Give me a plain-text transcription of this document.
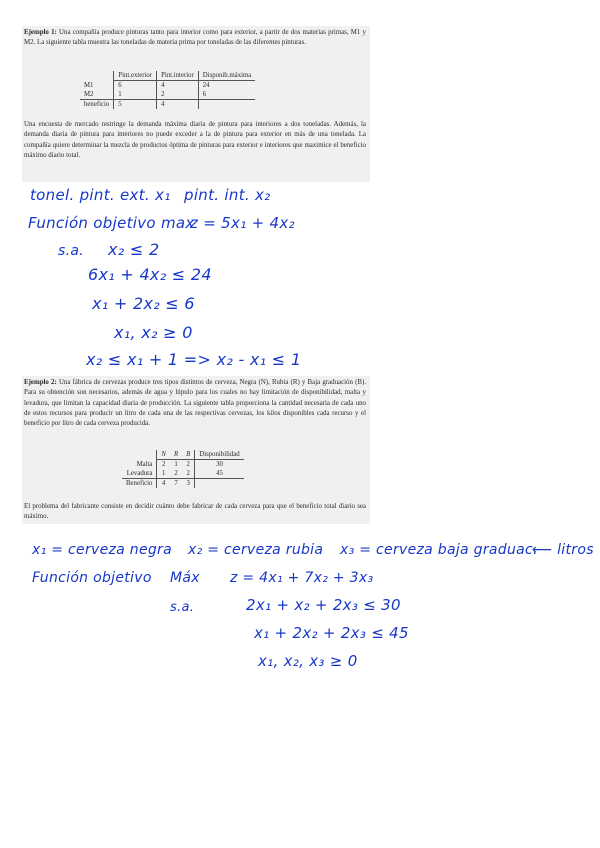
Ejemplo 1: Una compañía produce pinturas tanto para interior como para exterior, a partir de dos materias primas, M1 y M2. La siguiente tabla muestra las toneladas de materia prima por toneladas de las diferentes pinturas.
	Pint.exterior	Pint.interior	Disponib.máxima
M1	6	4	24
M2	1	2	6
beneficio	5	4	
Una encuesta de mercado restringe la demanda máxima diaria de pintura para interiores a dos toneladas. Además, la demanda diaria de pintura para interiores no puede exceder a la de pintura para exterior en más de una tonelada. La compañía quiere determinar la mezcla de productos óptima de pinturas para exterior e interiores que maximice el beneficio máximo diario total.
tonel. pint. ext. x₁ pint. int. x₂
Función objetivo max
z = 5x₁ + 4x₂
s.a. x₂ ≤ 2
6x₁ + 4x₂ ≤ 24
x₁ + 2x₂ ≤ 6
x₁, x₂ ≥ 0
x₂ ≤ x₁ + 1 => x₂ - x₁ ≤ 1
Ejemplo 2: Una fábrica de cervezas produce tres tipos distintos de cerveza, Negra (N), Rubia (R) y Baja graduación (B). Para su obtención son necesarios, además de agua y lúpulo para los cuales no hay limitación de disponibilidad, malta y levadura, que limitan la capacidad diaria de producción. La siguiente tabla proporciona la cantidad necesaria de cada uno de estos recursos para producir un litro de cada una de las respectivas cervezas, los kilos disponibles cada recurso y el beneficio por litro de cada cerveza producida.
	N	R	B	Disponibilidad
Malta	2	1	2	30
Levadura	1	2	2	45
Beneficio	4	7	3	
El problema del fabricante consiste en decidir cuánto debe fabricar de cada cerveza para que el beneficio total diario sea máximo.
x₁ = cerveza negra x₂ = cerveza rubia x₃ = cerveza baja graduac.
⟵ litros
Función objetivo Máx z = 4x₁ + 7x₂ + 3x₃
s.a.	2x₁ + x₂ + 2x₃ ≤ 30
x₁ + 2x₂ + 2x₃ ≤ 45
x₁, x₂, x₃ ≥ 0
